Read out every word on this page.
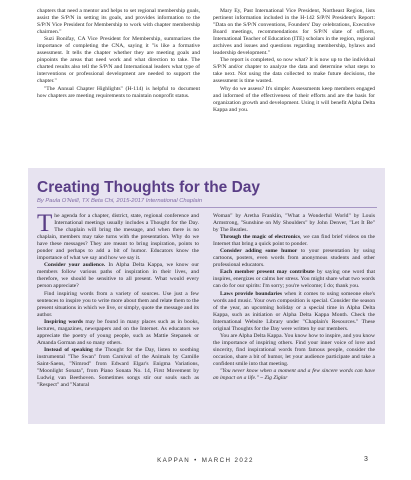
chapters that need a mentor and helps to set regional membership goals, assist the S/P/N in setting its goals, and provides information to the S/P/N Vice President for Membership to work with chapter membership chairmen."

Suzi Bonifay, CA Vice President for Membership, summarizes the importance of completing the CNA, saying it "is like a formative assessment. It tells the chapter whether they are meeting goals and pinpoints the areas that need work and what direction to take. The charted results also tell the S/P/N and International leaders what type of interventions or professional development are needed to support the chapter."

"The Annual Chapter Highlights" (H-114) is helpful to document how chapters are meeting requirements to maintain nonprofit status.

Mary Ey, Past International Vice President, Northeast Region, lists pertinent information included in the H-142 S/P/N President's Report: "Data on the S/P/N conventions, Founders' Day celebrations, Executive Board meetings, recommendations for S/P/N slate of officers, International Teacher of Education (ITE) scholars in the region, regional archives and issues and questions regarding membership, bylaws and leadership development."

The report is completed, so now what? It is now up to the individual S/P/N and/or chapter to analyze the data and determine what steps to take next. Not using the data collected to make future decisions, the assessment is time wasted.

Why do we assess? It's simple: Assessments keep members engaged and informed of the effectiveness of their efforts and are the basis for organization growth and development. Using it will benefit Alpha Delta Kappa and you.

Creating Thoughts for the Day
By Paula O'Neill, TX Beta Chi, 2015-2017 International Chaplain

The agenda for a chapter, district, state, regional conference and International meetings usually includes a Thought for the Day. The chaplain will bring the message, and when there is no chaplain, members may take turns with the presentation. Why do we have these messages? They are meant to bring inspiration, points to ponder and perhaps to add a bit of humor. Educators know the importance of what we say and how we say it.

Consider your audience. In Alpha Delta Kappa, we know our members follow various paths of inspiration in their lives, and therefore, we should be sensitive to all present. What would every person appreciate?

Find inspiring words from a variety of sources. Use just a few sentences to inspire you to write more about them and relate them to the present situations in which we live, or simply, quote the message and its author.

Inspiring words may be found in many places such as in books, lectures, magazines, newspapers and on the Internet. As educators we appreciate the poetry of young people, such as Mattie Stepanek or Amanda Gorman and so many others.

Instead of speaking the Thought for the Day, listen to soothing instrumental "The Swan" from Carnival of the Animals by Camille Saint-Saens, "Nimrod" from Edward Elgar's Enigma Variations, "Moonlight Sonata", from Piano Sonata No. 14, First Movement by Ludwig van Beethoven. Sometimes songs stir our souls such as "Respect" and "Natural

Woman" by Aretha Franklin, "What a Wonderful World" by Louis Armstrong, "Sunshine on My Shoulders" by John Denver, "Let It Be" by The Beatles.

Through the magic of electronics, we can find brief videos on the Internet that bring a quick point to ponder.

Consider adding some humor to your presentation by using cartoons, posters, even words from anonymous students and other professional educators.

Each member present may contribute by saying one word that inspires, energizes or calms her stress. You might share what two words can do for our spirits: I'm sorry; you're welcome; I do; thank you.

Laws provide boundaries when it comes to using someone else's words and music. Your own composition is special. Consider the season of the year, an upcoming holiday or a special time in Alpha Delta Kappa, such as initiation or Alpha Delta Kappa Month. Check the International Website Library under "Chaplain's Resources." These original Thoughts for the Day were written by our members.

You are Alpha Delta Kappa. You know how to inspire, and you know the importance of inspiring others. Find your inner voice of love and sincerity, find inspirational words from famous people, consider the occasion, share a bit of humor, let your audience participate and take a confident smile into that meeting.

"You never know when a moment and a few sincere words can have an impact on a life." ~ Zig Ziglar

KAPPAN • MARCH 2022	3
